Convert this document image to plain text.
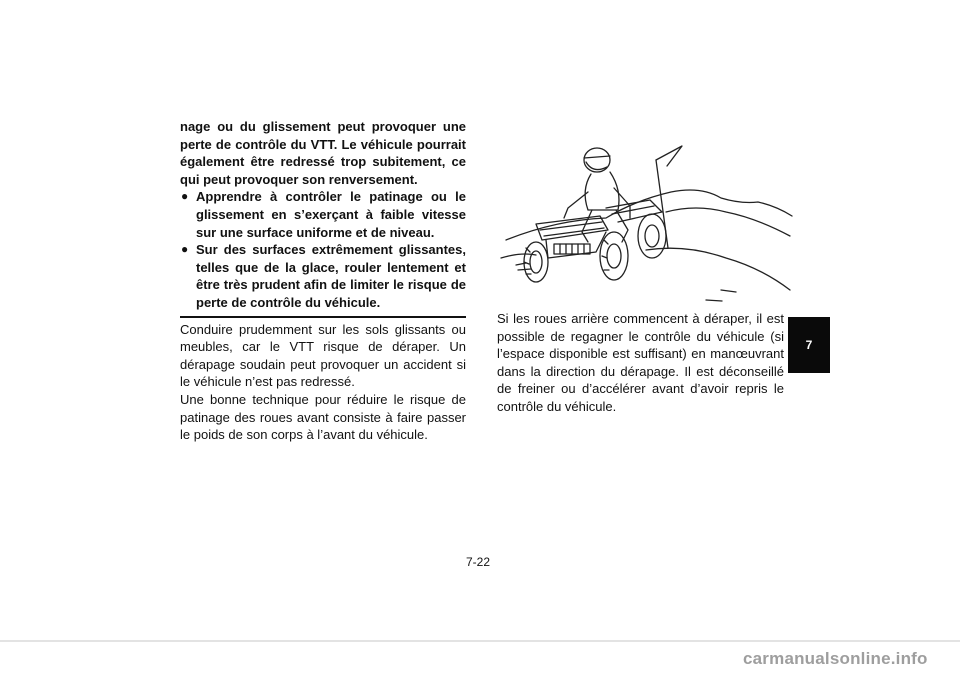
nage ou du glissement peut provoquer une perte de contrôle du VTT. Le véhicule pourrait également être redressé trop subitement, ce qui peut provoquer son renversement.

● Apprendre à contrôler le patinage ou le glissement en s’exerçant à faible vitesse sur une surface uniforme et de niveau.
● Sur des surfaces extrêmement glissantes, telles que de la glace, rouler lentement et être très prudent afin de limiter le risque de perte de contrôle du véhicule.

Conduire prudemment sur les sols glissants ou meubles, car le VTT risque de déraper. Un dérapage soudain peut provoquer un accident si le véhicule n’est pas redressé.

Une bonne technique pour réduire le risque de patinage des roues avant consiste à faire passer le poids de son corps à l’avant du véhicule.

Si les roues arrière commencent à déraper, il est possible de regagner le contrôle du véhicule (si l’espace disponible est suffisant) en manœuvrant dans la direction du dérapage. Il est déconseillé de freiner ou d’accélérer avant d’avoir repris le contrôle du véhicule.

7
7-22
carmanualsonline.info
